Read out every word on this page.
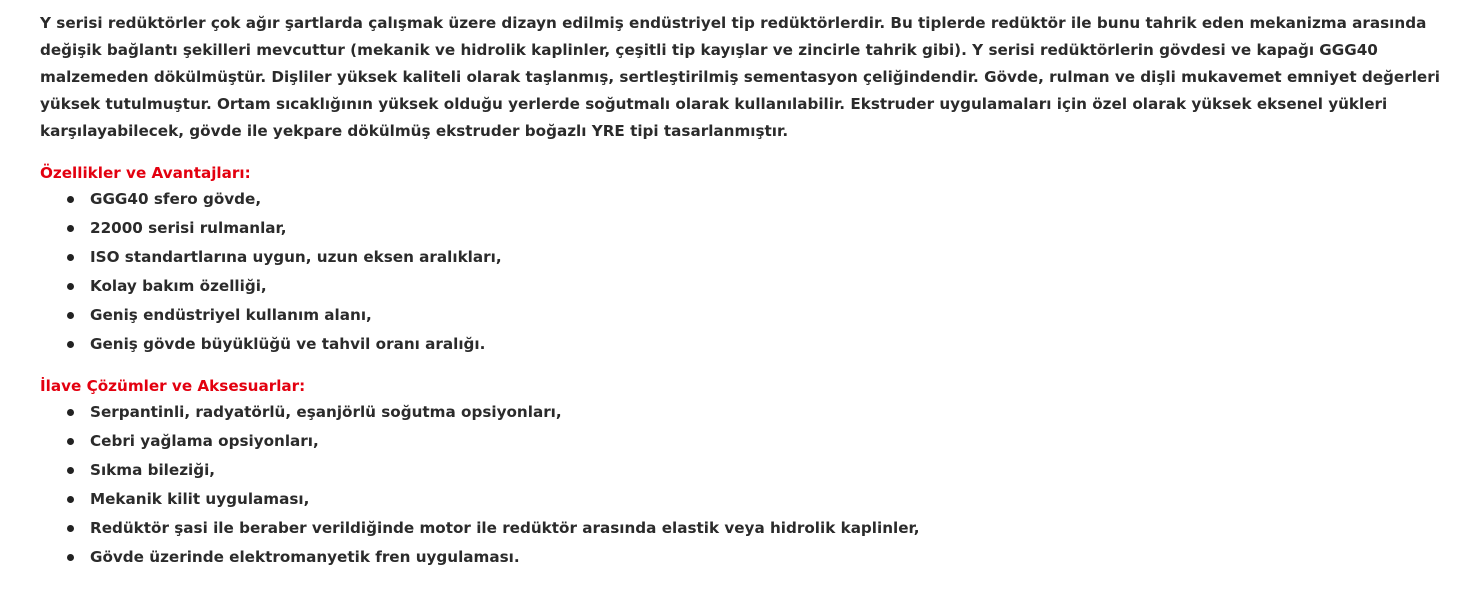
Y serisi redüktörler çok ağır şartlarda çalışmak üzere dizayn edilmiş endüstriyel tip redüktörlerdir. Bu tiplerde redüktör ile bunu tahrik eden mekanizma arasında değişik bağlantı şekilleri mevcuttur (mekanik ve hidrolik kaplinler, çeşitli tip kayışlar ve zincirle tahrik gibi). Y serisi redüktörlerin gövdesi ve kapağı GGG40 malzemeden dökülmüştür. Dişliler yüksek kaliteli olarak taşlanmış, sertleştirilmiş sementasyon çeliğindendir. Gövde, rulman ve dişli mukavemet emniyet değerleri yüksek tutulmuştur. Ortam sıcaklığının yüksek olduğu yerlerde soğutmalı olarak kullanılabilir. Ekstruder uygulamaları için özel olarak yüksek eksenel yükleri karşılayabilecek, gövde ile yekpare dökülmüş ekstruder boğazlı YRE tipi tasarlanmıştır.

Özellikler ve Avantajları:
GGG40 sfero gövde,
22000 serisi rulmanlar,
ISO standartlarına uygun, uzun eksen aralıkları,
Kolay bakım özelliği,
Geniş endüstriyel kullanım alanı,
Geniş gövde büyüklüğü ve tahvil oranı aralığı.
İlave Çözümler ve Aksesuarlar:
Serpantinli, radyatörlü, eşanjörlü soğutma opsiyonları,
Cebri yağlama opsiyonları,
Sıkma bileziği,
Mekanik kilit uygulaması,
Redüktör şasi ile beraber verildiğinde motor ile redüktör arasında elastik veya hidrolik kaplinler,
Gövde üzerinde elektromanyetik fren uygulaması.
